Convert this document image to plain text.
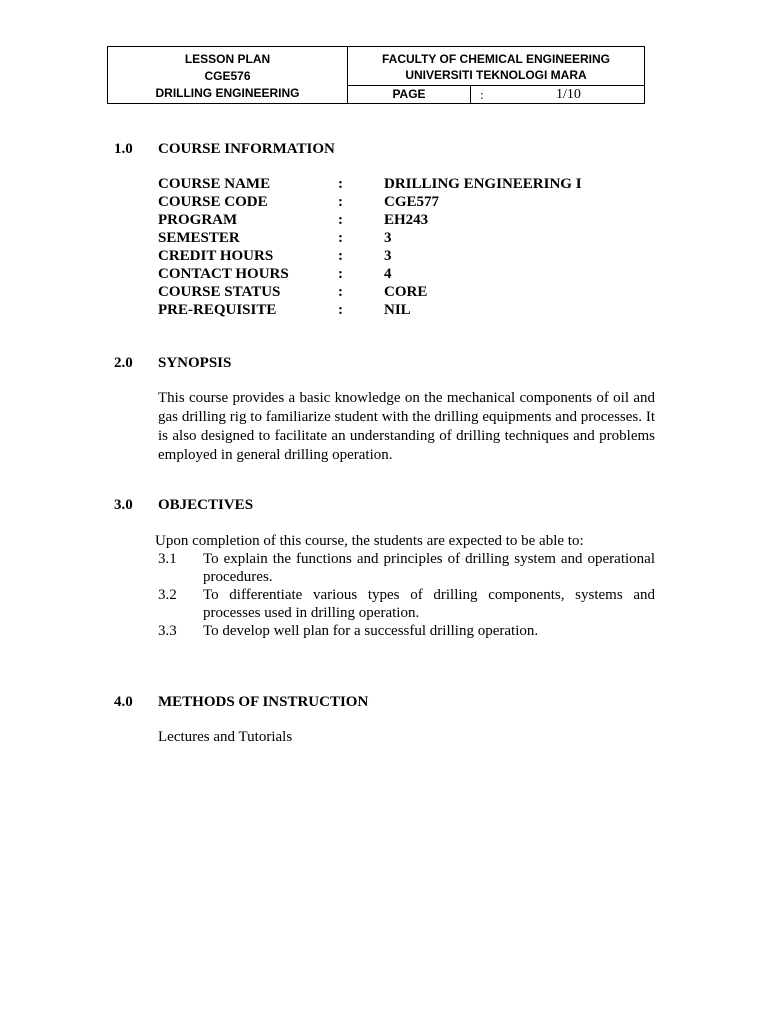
LESSON PLAN
CGE576
DRILLING ENGINEERING
FACULTY OF CHEMICAL ENGINEERING
UNIVERSITI TEKNOLOGI MARA
PAGE	:	1/10
1.0 COURSE INFORMATION
COURSE NAME	:	DRILLING ENGINEERING I
COURSE CODE	:	CGE577
PROGRAM	:	EH243
SEMESTER	:	3
CREDIT HOURS	:	3
CONTACT HOURS	:	4
COURSE STATUS	:	CORE
PRE-REQUISITE	:	NIL
2.0 SYNOPSIS
This course provides a basic knowledge on the mechanical components of oil and gas drilling rig to familiarize student with the drilling equipments and processes. It is also designed to facilitate an understanding of drilling techniques and problems employed in general drilling operation.
3.0 OBJECTIVES
Upon completion of this course, the students are expected to be able to:
3.1 To explain the functions and principles of drilling system and operational procedures.
3.2 To differentiate various types of drilling components, systems and processes used in drilling operation.
3.3 To develop well plan for a successful drilling operation.
4.0 METHODS OF INSTRUCTION
Lectures and Tutorials
